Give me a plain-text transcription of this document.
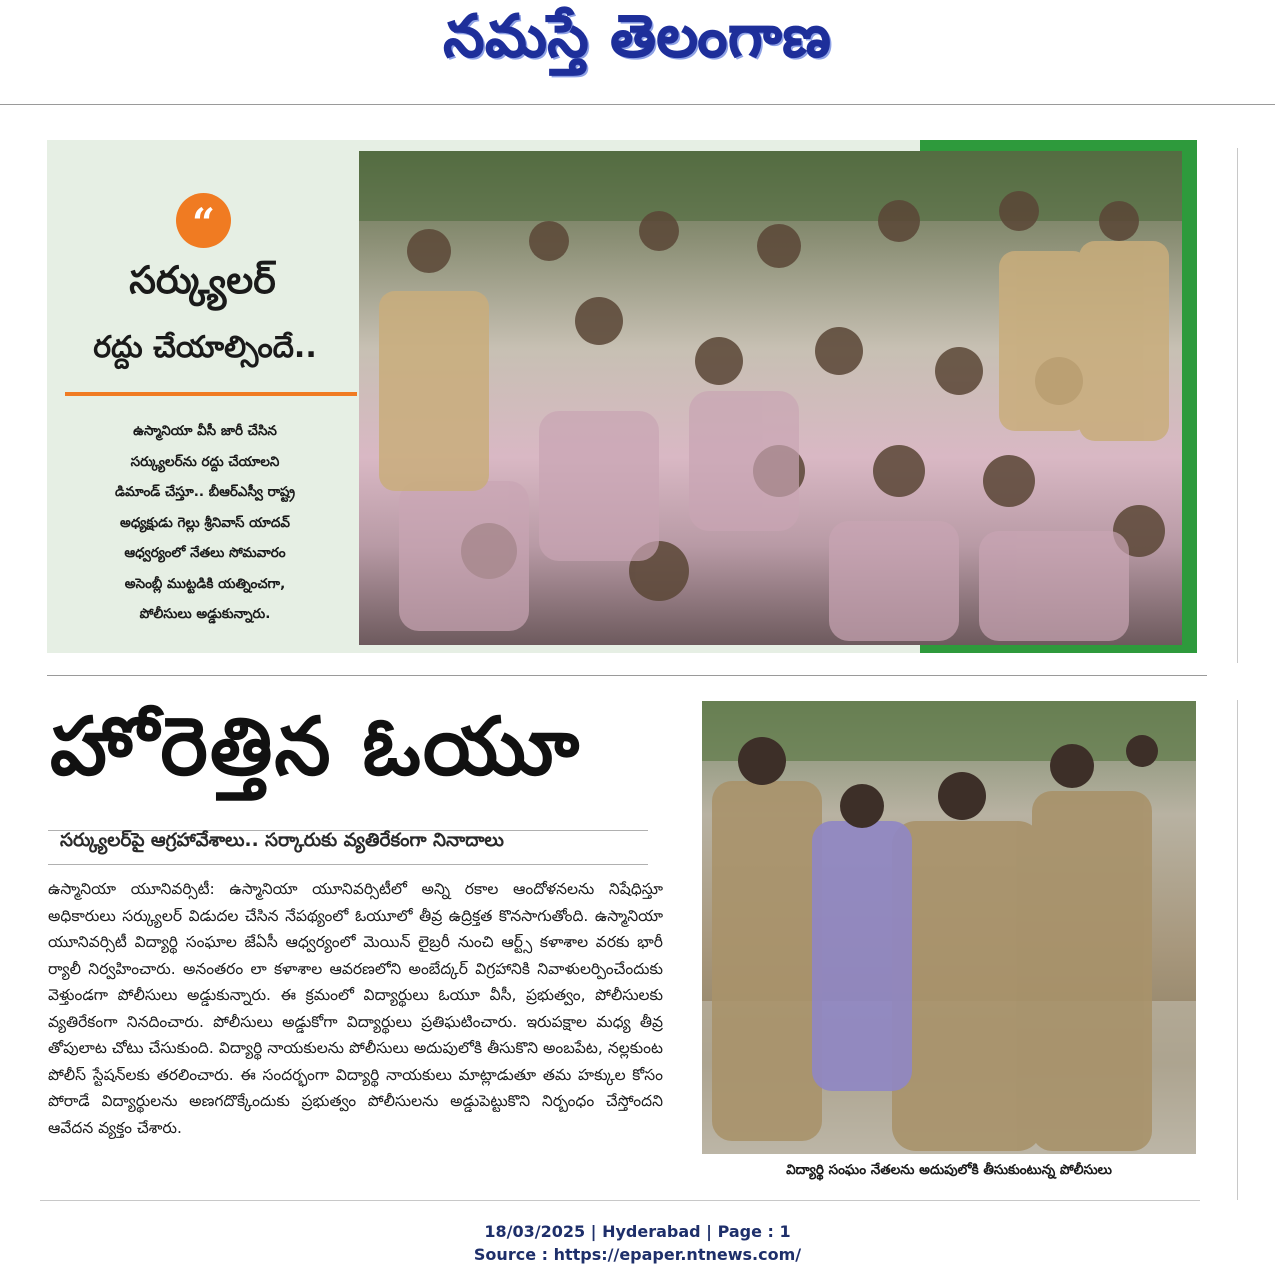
నమస్తే తెలంగాణ
“
సర్క్యులర్
రద్దు చేయాల్సిందే..
ఉస్మానియా వీసీ జారీ చేసిన
సర్క్యులర్‌ను రద్దు చేయాలని
డిమాండ్ చేస్తూ.. బీఆర్‌ఎస్వీ రాష్ట్ర
అధ్యక్షుడు గెల్లు శ్రీనివాస్ యాదవ్
ఆధ్వర్యంలో నేతలు సోమవారం
అసెంబ్లీ ముట్టడికి యత్నించగా,
పోలీసులు అడ్డుకున్నారు.
హోరెత్తిన ఓయూ
సర్క్యులర్‌పై ఆగ్రహావేశాలు.. సర్కారుకు వ్యతిరేకంగా నినాదాలు
ఉస్మానియా యూనివర్సిటీ: ఉస్మానియా యూనివర్సిటీలో అన్ని రకాల ఆందోళనలను నిషేధిస్తూ అధికారులు సర్క్యులర్ విడుదల చేసిన నేపథ్యంలో ఓయూలో తీవ్ర ఉద్రిక్తత కొనసాగుతోంది. ఉస్మానియా యూనివర్సిటీ విద్యార్థి సంఘాల జేఏసీ ఆధ్వర్యంలో మెయిన్ లైబ్రరీ నుంచి ఆర్ట్స్ కళాశాల వరకు భారీ ర్యాలీ నిర్వహించారు. అనంతరం లా కళాశాల ఆవరణలోని అంబేద్కర్ విగ్రహానికి నివాళులర్పించేందుకు వెళ్తుండగా పోలీసులు అడ్డుకున్నారు. ఈ క్రమంలో విద్యార్థులు ఓయూ వీసీ, ప్రభుత్వం, పోలీసులకు వ్యతిరేకంగా నినదించారు. పోలీసులు అడ్డుకోగా విద్యార్థులు ప్రతిఘటించారు. ఇరుపక్షాల మధ్య తీవ్ర తోపులాట చోటు చేసుకుంది. విద్యార్థి నాయకులను పోలీసులు అదుపులోకి తీసుకొని అంబపేట, నల్లకుంట పోలీస్ స్టేషన్‌లకు తరలించారు. ఈ సందర్భంగా విద్యార్థి నాయకులు మాట్లాడుతూ తమ హక్కుల కోసం పోరాడే విద్యార్థులను అణగదొక్కేందుకు ప్రభుత్వం పోలీసులను అడ్డుపెట్టుకొని నిర్బంధం చేస్తోందని ఆవేదన వ్యక్తం చేశారు.
విద్యార్థి సంఘం నేతలను అదుపులోకి తీసుకుంటున్న పోలీసులు
18/03/2025 | Hyderabad | Page : 1
Source : https://epaper.ntnews.com/
